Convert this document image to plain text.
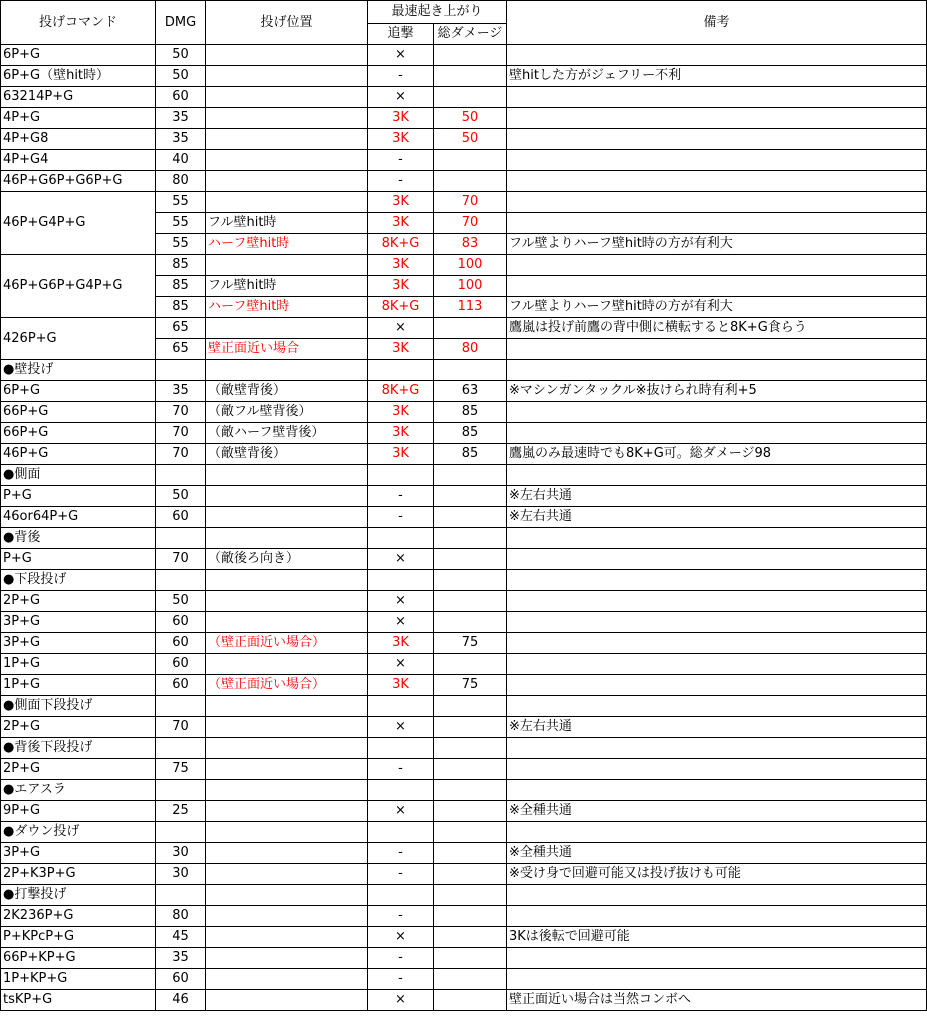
投げコマンド	DMG	投げ位置	最速起き上がり		備考
			追撃	総ダメージ	
6P+G	50		×		
6P+G（壁hit時）	50		-		壁hitした方がジェフリー不利
63214P+G	60		×		
4P+G	35		3K	50	
4P+G8	35		3K	50	
4P+G4	40		-		
46P+G6P+G6P+G	80		-		
46P+G4P+G	55		3K	70	
	55	フル壁hit時	3K	70	
	55	ハーフ壁hit時	8K+G	83	フル壁よりハーフ壁hit時の方が有利大
46P+G6P+G4P+G	85		3K	100	
	85	フル壁hit時	3K	100	
	85	ハーフ壁hit時	8K+G	113	フル壁よりハーフ壁hit時の方が有利大
426P+G	65		×		鷹嵐は投げ前鷹の背中側に横転すると8K+G食らう
	65	壁正面近い場合	3K	80	
●壁投げ					
6P+G	35	（敵壁背後）	8K+G	63	※マシンガンタックル※抜けられ時有利+5
66P+G	70	（敵フル壁背後）	3K	85	
66P+G	70	（敵ハーフ壁背後）	3K	85	
46P+G	70	（敵壁背後）	3K	85	鷹嵐のみ最速時でも8K+G可。総ダメージ98
●側面					
P+G	50		-		※左右共通
46or64P+G	60		-		※左右共通
●背後					
P+G	70	（敵後ろ向き）	×		
●下段投げ					
2P+G	50		×		
3P+G	60		×		
3P+G	60	（壁正面近い場合）	3K	75	
1P+G	60		×		
1P+G	60	（壁正面近い場合）	3K	75	
●側面下段投げ					
2P+G	70		×		※左右共通
●背後下段投げ					
2P+G	75		-		
●エアスラ					
9P+G	25		×		※全種共通
●ダウン投げ					
3P+G	30		-		※全種共通
2P+K3P+G	30		-		※受け身で回避可能又は投げ抜けも可能
●打撃投げ					
2K236P+G	80		-		
P+KPcP+G	45		×		3Kは後転で回避可能
66P+KP+G	35		-		
1P+KP+G	60		-		
tsKP+G	46		×		壁正面近い場合は当然コンボへ
